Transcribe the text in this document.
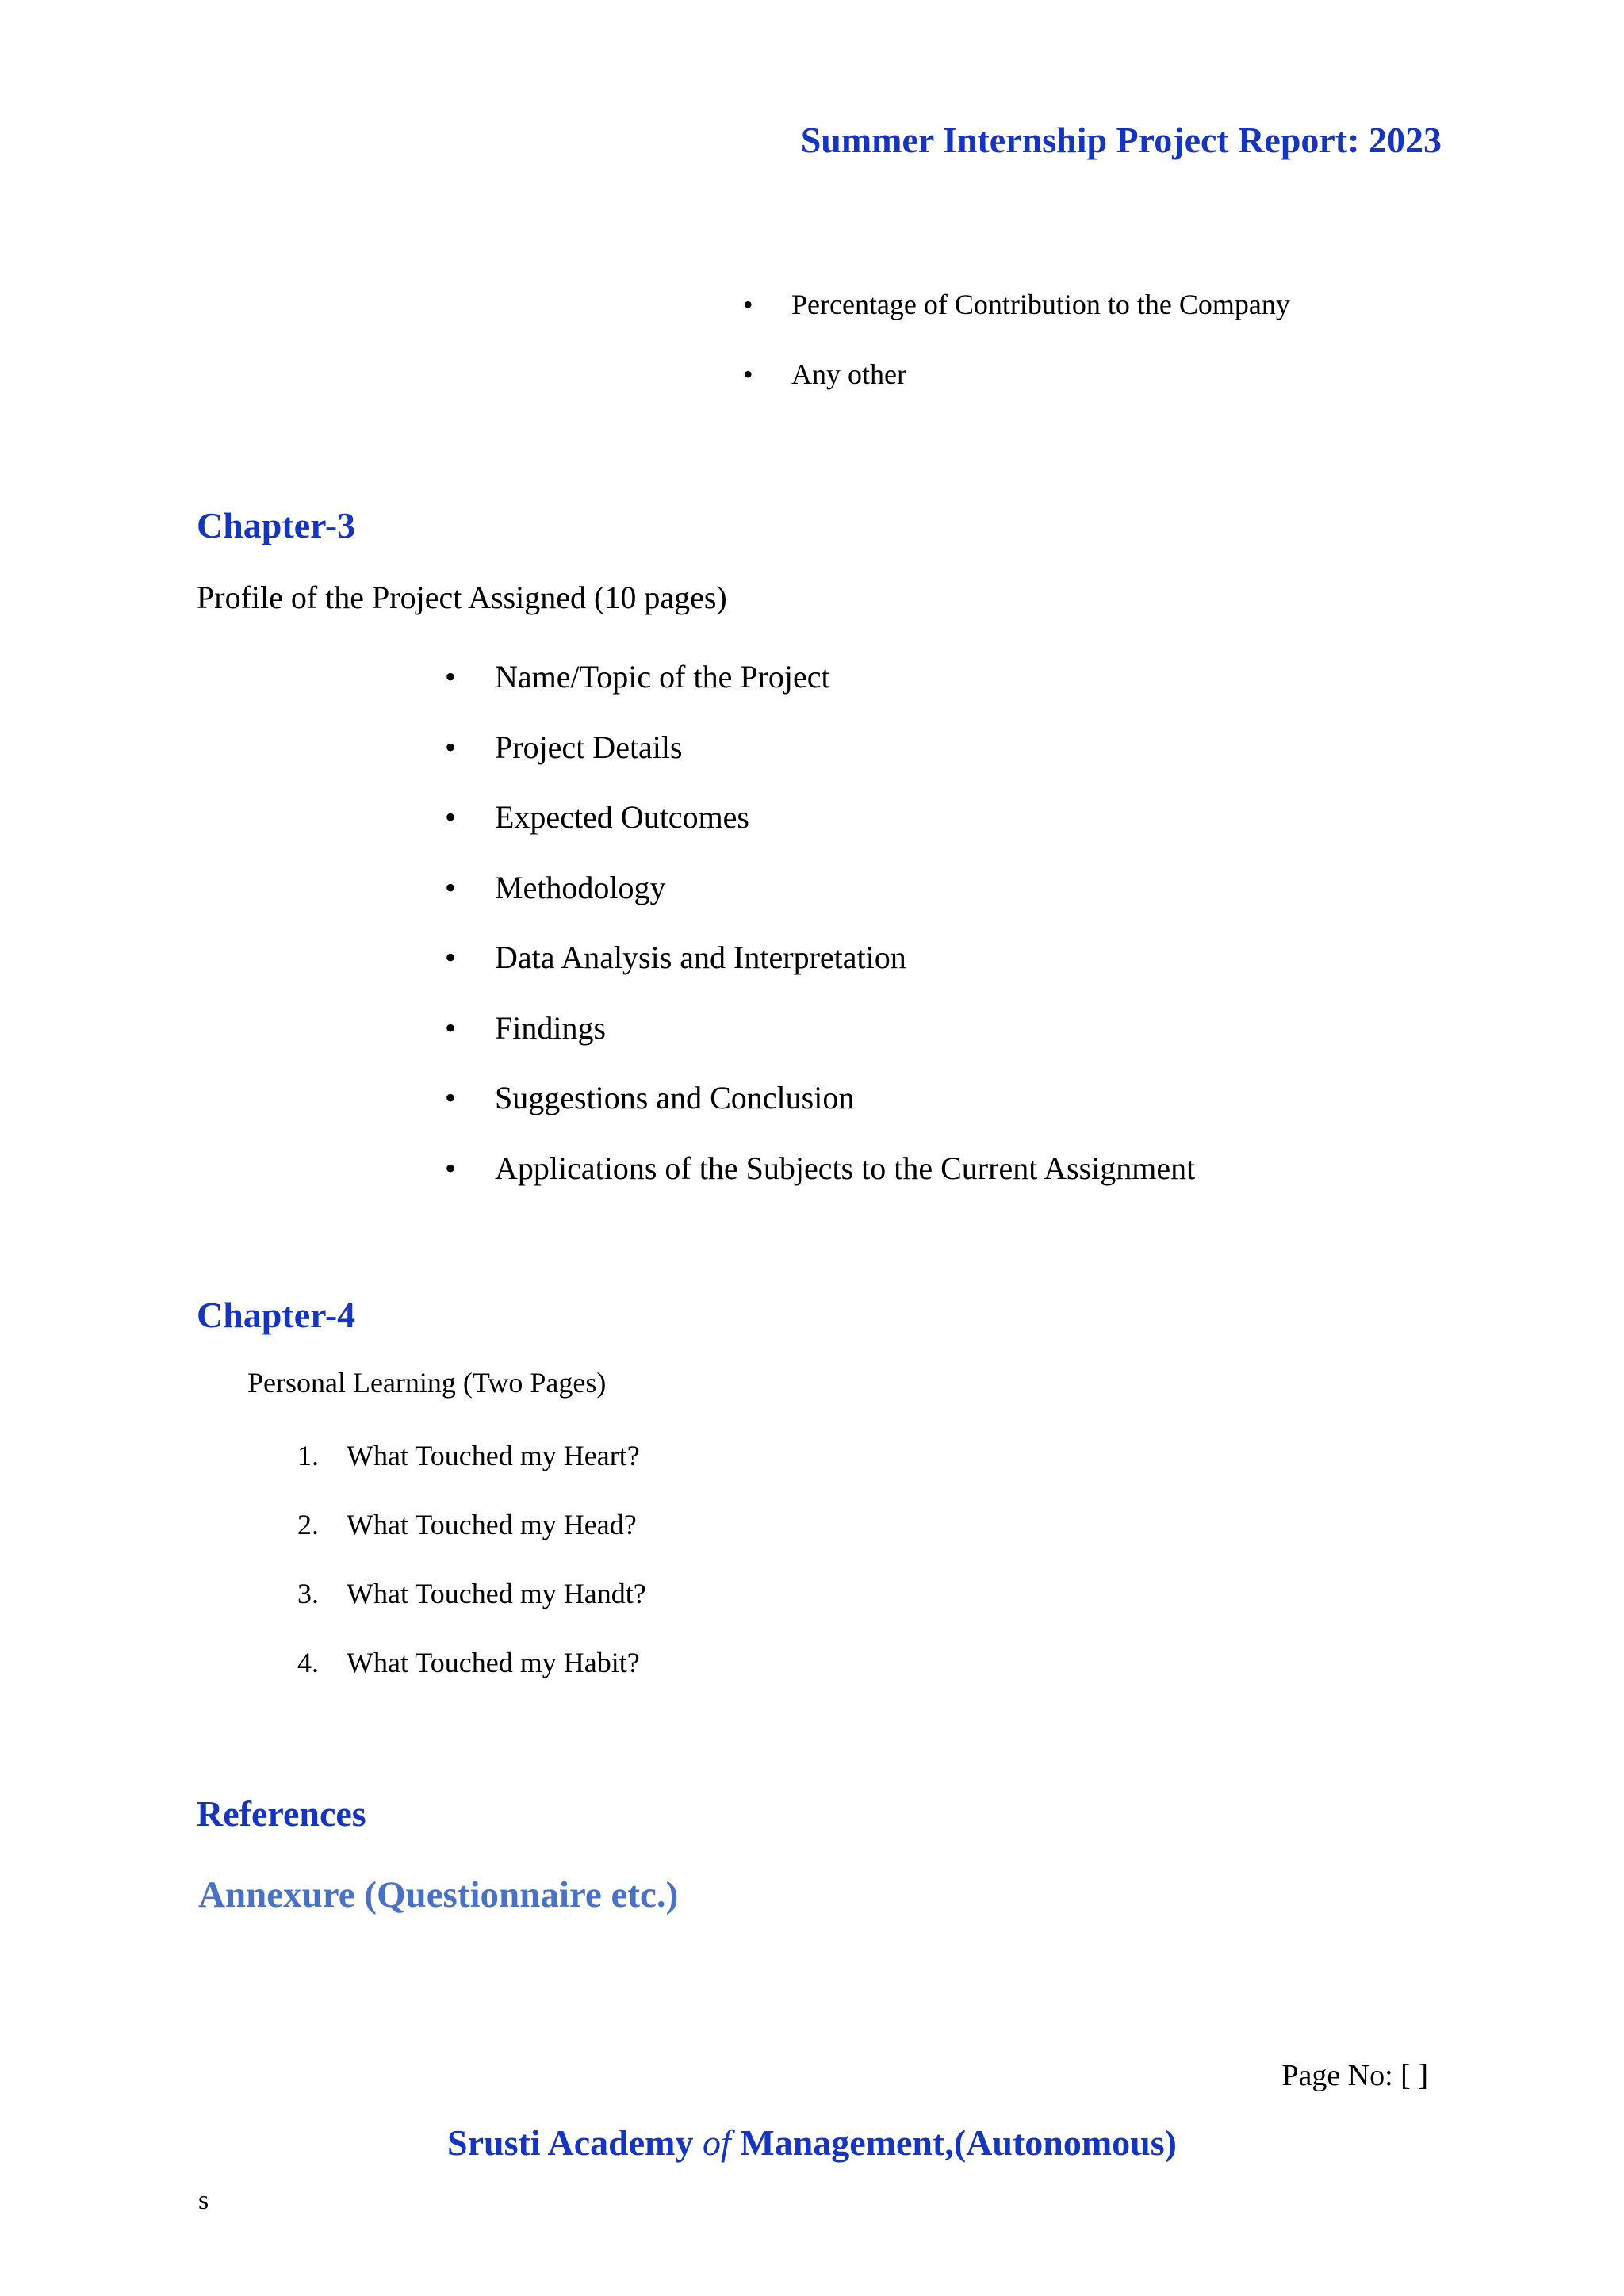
Summer Internship Project Report: 2023
• Percentage of Contribution to the Company
• Any other
Chapter-3
Profile of the Project Assigned (10 pages)
• Name/Topic of the Project
• Project Details
• Expected Outcomes
• Methodology
• Data Analysis and Interpretation
• Findings
• Suggestions and Conclusion
• Applications of the Subjects to the Current Assignment
Chapter-4
Personal Learning (Two Pages)
1. What Touched my Heart?
2. What Touched my Head?
3. What Touched my Handt?
4. What Touched my Habit?
References
Annexure (Questionnaire etc.)
Page No: [ ]
Srusti Academy of Management,(Autonomous)
s
